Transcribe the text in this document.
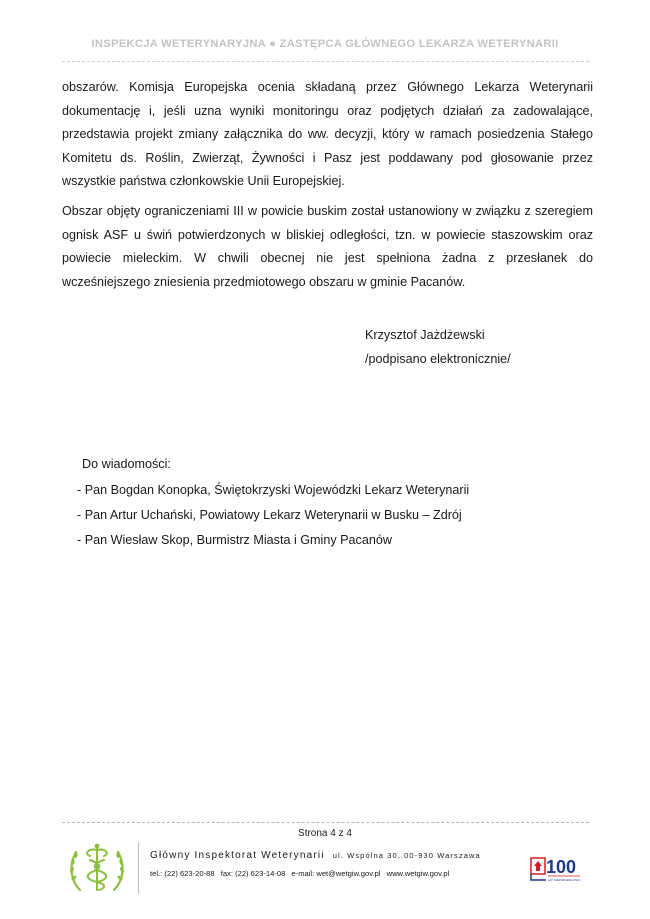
INSPEKCJA WETERYNARYJNA ● ZASTĘPCA GŁÓWNEGO LEKARZA WETERYNARII

obszarów. Komisja Europejska ocenia składaną przez Głównego Lekarza Weterynarii dokumentację i, jeśli uzna wyniki monitoringu oraz podjętych działań za zadowalające, przedstawia projekt zmiany załącznika do ww. decyzji, który w ramach posiedzenia Stałego Komitetu ds. Roślin, Zwierząt, Żywności i Pasz jest poddawany pod głosowanie przez wszystkie państwa członkowskie Unii Europejskiej.

Obszar objęty ograniczeniami III w powicie buskim został ustanowiony w związku z szeregiem ognisk ASF u świń potwierdzonych w bliskiej odległości, tzn. w powiecie staszowskim oraz powiecie mieleckim. W chwili obecnej nie jest spełniona żadna z przesłanek do wcześniejszego zniesienia przedmiotowego obszaru w gminie Pacanów.

Krzysztof Jażdżewski
/podpisano elektronicznie/
Do wiadomości:
- Pan Bogdan Konopka, Świętokrzyski Wojewódzki Lekarz Weterynarii
- Pan Artur Uchański, Powiatowy Lekarz Weterynarii w Busku – Zdrój
- Pan Wiesław Skop, Burmistrz Miasta i Gminy Pacanów
Strona 4 z 4
Główny Inspektorat Weterynarii ul. Wspólna 30, 00-930 Warszawa
tel.: (22) 623-20-88 fax: (22) 623-14-08 e-mail: wet@wetgiw.gov.pl www.wetgiw.gov.pl	100
LAT NIEPODLEGŁOŚCI
